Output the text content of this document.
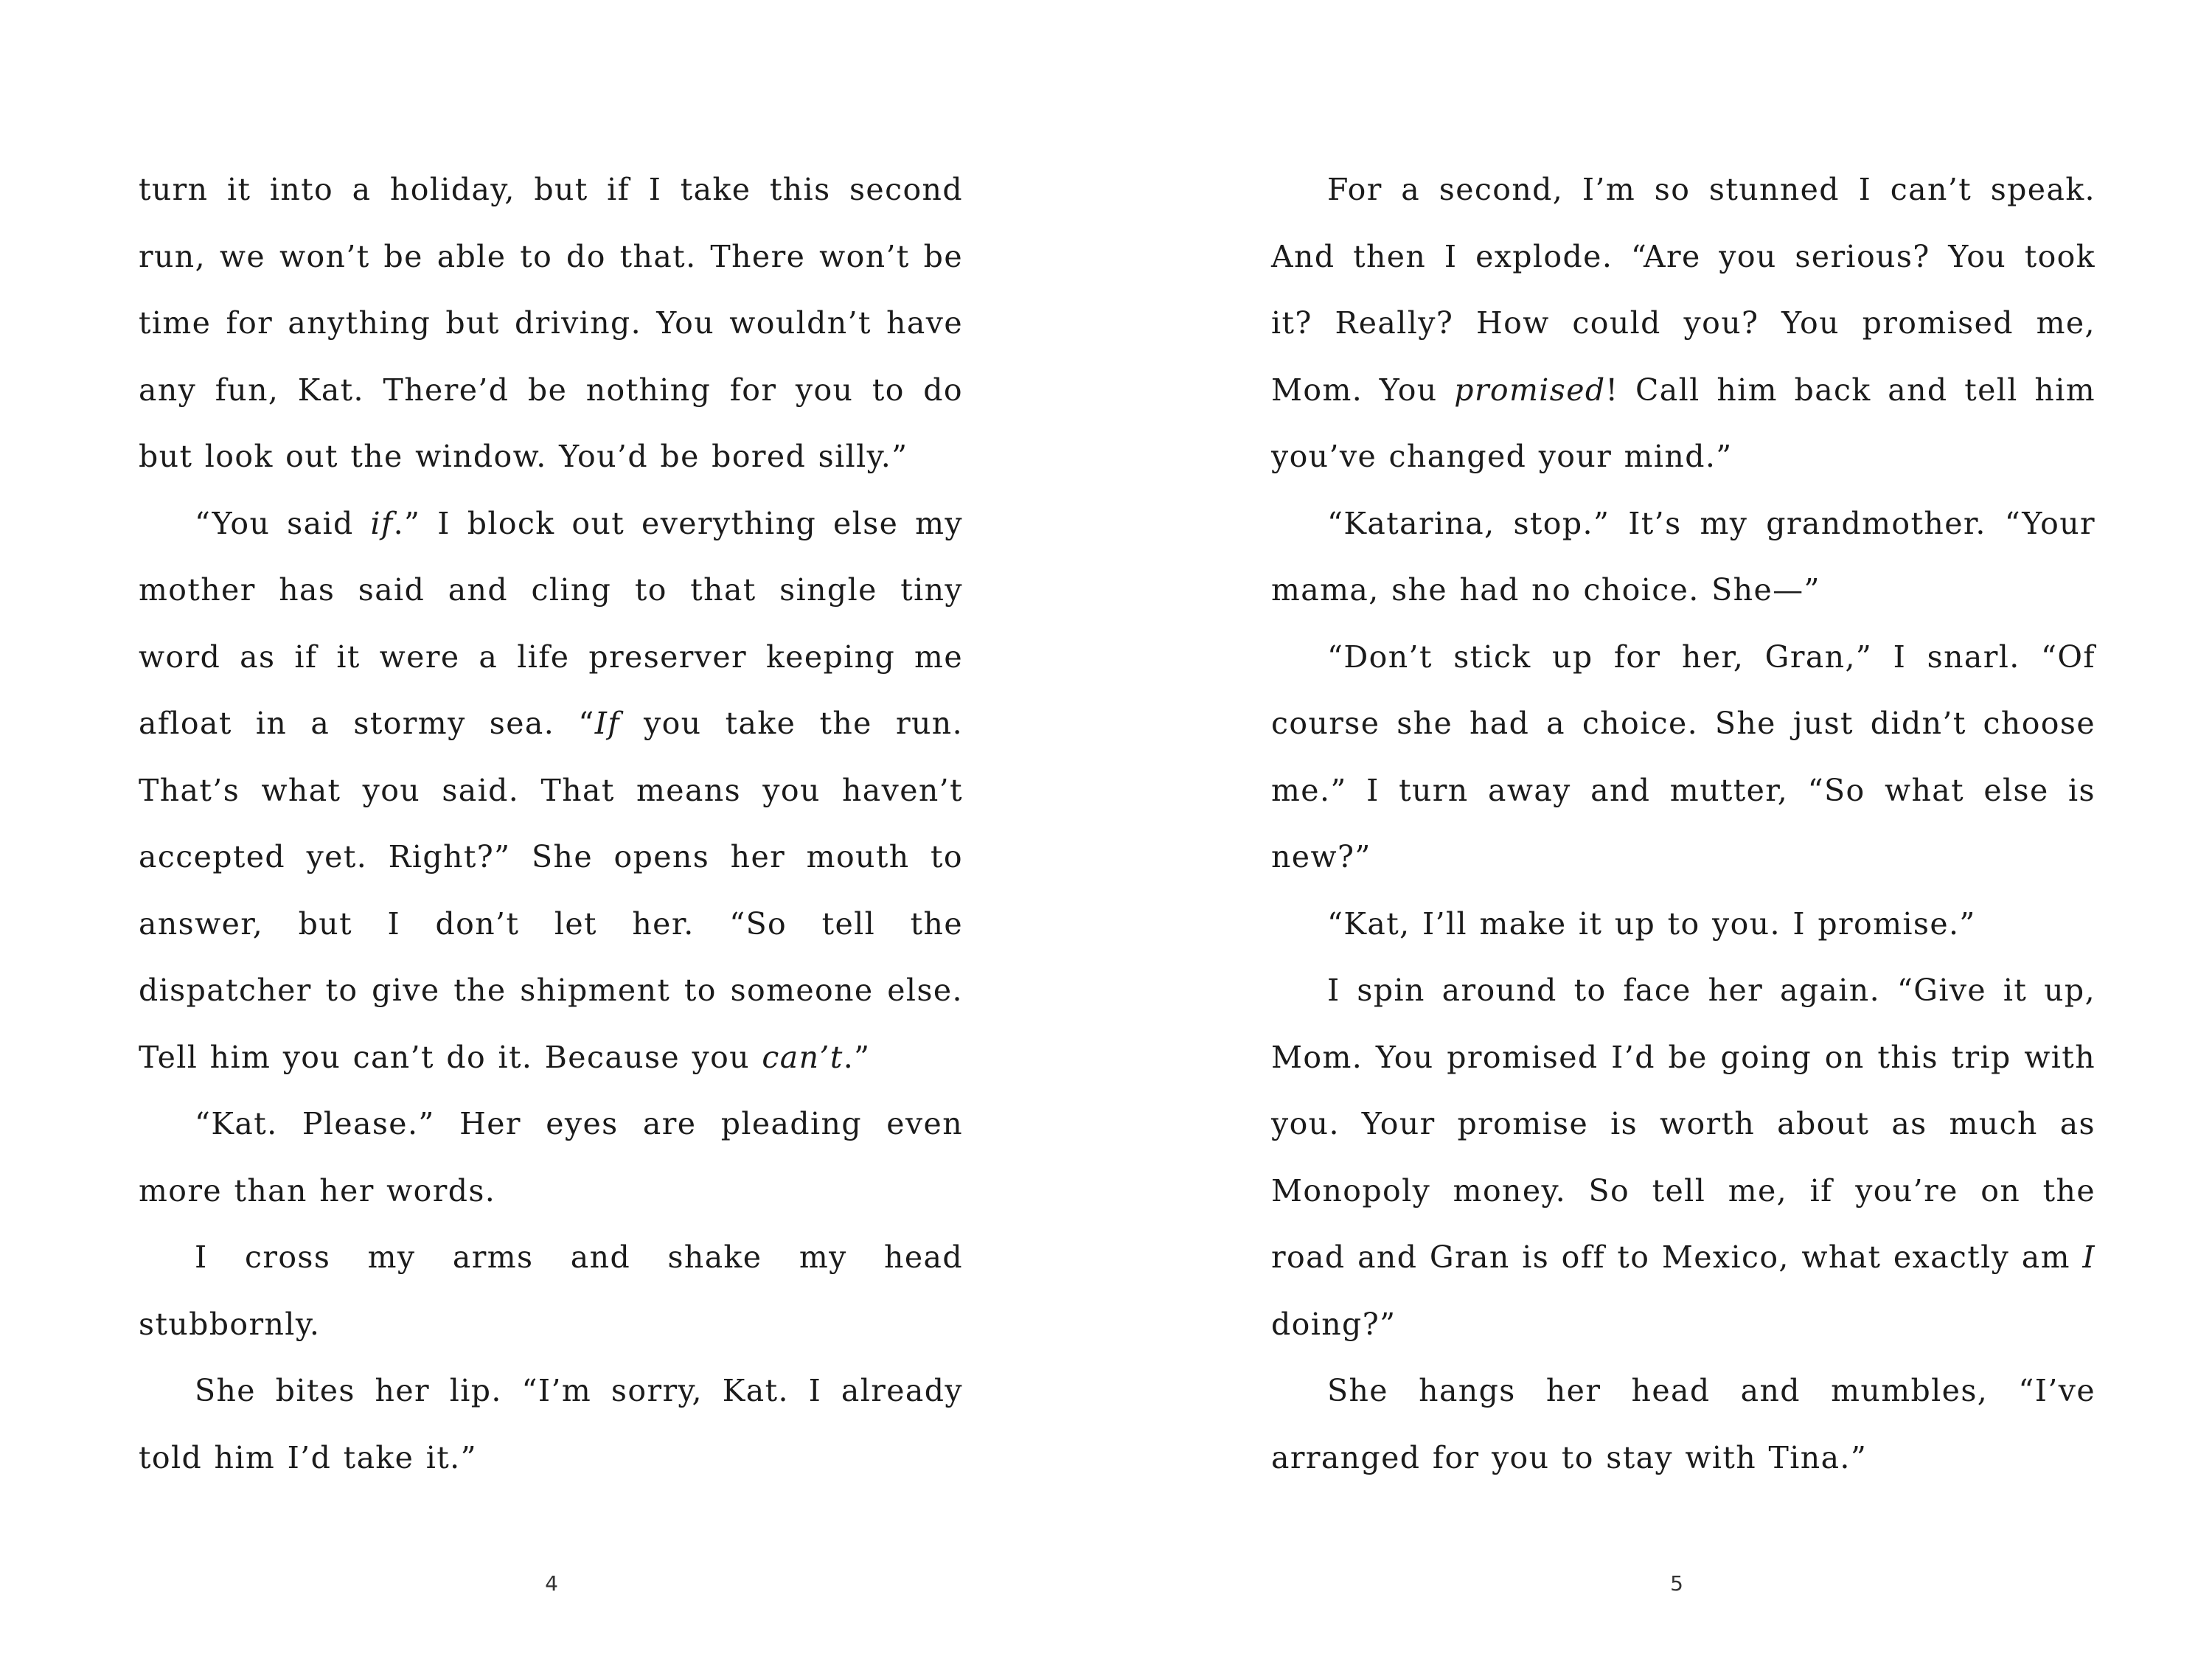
turn it into a holiday, but if I take this second run, we won’t be able to do that. There won’t be time for anything but driving. You wouldn’t have any fun, Kat. There’d be nothing for you to do but look out the window. You’d be bored silly.”

“You said if.” I block out everything else my mother has said and cling to that single tiny word as if it were a life preserver keeping me afloat in a stormy sea. “If you take the run. That’s what you said. That means you haven’t accepted yet. Right?” She opens her mouth to answer, but I don’t let her. “So tell the dispatcher to give the shipment to someone else. Tell him you can’t do it. Because you can’t.”

“Kat. Please.” Her eyes are pleading even more than her words.

I cross my arms and shake my head stubbornly.

She bites her lip. “I’m sorry, Kat. I already told him I’d take it.”

4

For a second, I’m so stunned I can’t speak. And then I explode. “Are you serious? You took it? Really? How could you? You promised me, Mom. You promised! Call him back and tell him you’ve changed your mind.”

“Katarina, stop.” It’s my grandmother. “Your mama, she had no choice. She—”

“Don’t stick up for her, Gran,” I snarl. “Of course she had a choice. She just didn’t choose me.” I turn away and mutter, “So what else is new?”

“Kat, I’ll make it up to you. I promise.”

I spin around to face her again. “Give it up, Mom. You promised I’d be going on this trip with you. Your promise is worth about as much as Monopoly money. So tell me, if you’re on the road and Gran is off to Mexico, what exactly am I doing?”

She hangs her head and mumbles, “I’ve arranged for you to stay with Tina.”

5
